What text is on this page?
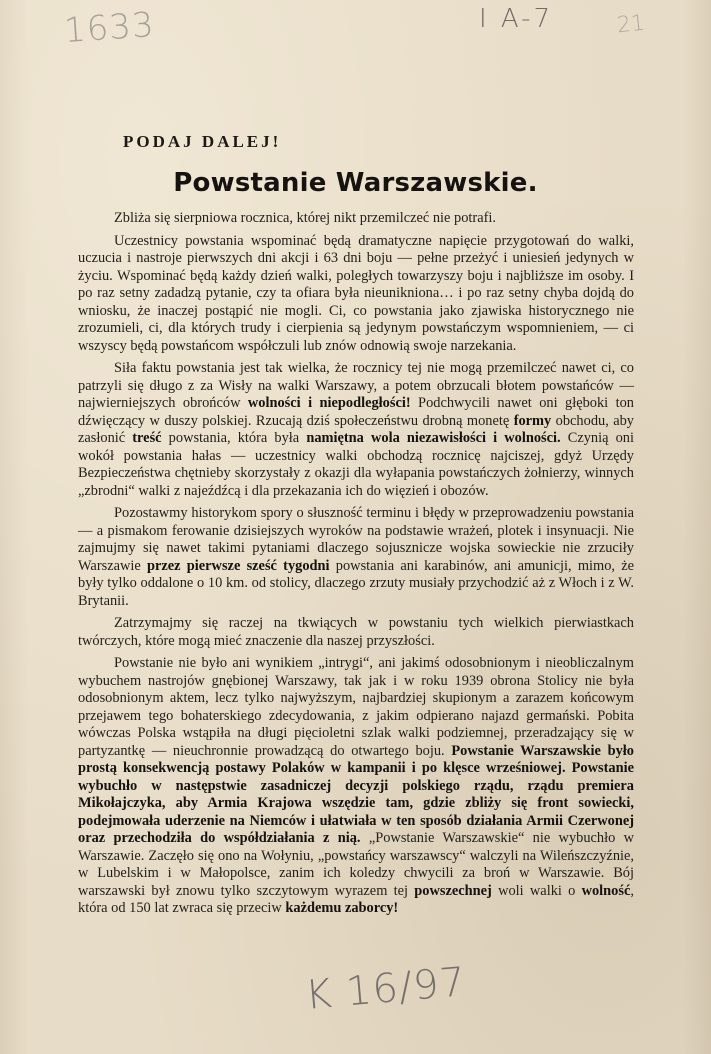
1633	I A-7	21
PODAJ DALEJ!
Powstanie Warszawskie.

Zbliża się sierpniowa rocznica, której nikt przemilczeć nie potrafi.

Uczestnicy powstania wspominać będą dramatyczne napięcie przygotowań do walki, uczucia i nastroje pierwszych dni akcji i 63 dni boju — pełne przeżyć i uniesień jedynych w życiu. Wspominać będą każdy dzień walki, poległych towarzyszy boju i najbliższe im osoby. I po raz setny zadadzą pytanie, czy ta ofiara była nieunikniona… i po raz setny chyba dojdą do wniosku, że inaczej postąpić nie mogli. Ci, co powstania jako zjawiska historycznego nie zrozumieli, ci, dla których trudy i cierpienia są jedynym powstańczym wspomnieniem, — ci wszyscy będą powstańcom współczuli lub znów odnowią swoje narzekania.

Siła faktu powstania jest tak wielka, że rocznicy tej nie mogą przemilczeć nawet ci, co patrzyli się długo z za Wisły na walki Warszawy, a potem obrzucali błotem powstańców — najwierniejszych obrońców wolności i niepodległości! Podchwycili nawet oni głęboki ton dźwięczący w duszy polskiej. Rzucają dziś społeczeństwu drobną monetę formy obchodu, aby zasłonić treść powstania, która była namiętna wola niezawisłości i wolności. Czynią oni wokół powstania hałas — uczestnicy walki obchodzą rocznicę najciszej, gdyż Urzędy Bezpieczeństwa chętnieby skorzystały z okazji dla wyłapania powstańczych żołnierzy, winnych „zbrodni“ walki z najeźdźcą i dla przekazania ich do więzień i obozów.

Pozostawmy historykom spory o słuszność terminu i błędy w przeprowadzeniu powstania — a pismakom ferowanie dzisiejszych wyroków na podstawie wrażeń, plotek i insynuacji. Nie zajmujmy się nawet takimi pytaniami dlaczego sojusznicze wojska sowieckie nie zrzuciły Warszawie przez pierwsze sześć tygodni powstania ani karabinów, ani amunicji, mimo, że były tylko oddalone o 10 km. od stolicy, dlaczego zrzuty musiały przychodzić aż z Włoch i z W. Brytanii.

Zatrzymajmy się raczej na tkwiących w powstaniu tych wielkich pierwiastkach twórczych, które mogą mieć znaczenie dla naszej przyszłości.

Powstanie nie było ani wynikiem „intrygi“, ani jakimś odosobnionym i nieobliczalnym wybuchem nastrojów gnębionej Warszawy, tak jak i w roku 1939 obrona Stolicy nie była odosobnionym aktem, lecz tylko najwyższym, najbardziej skupionym a zarazem końcowym przejawem tego bohaterskiego zdecydowania, z jakim odpierano najazd germański. Pobita wówczas Polska wstąpiła na długi pięcioletni szlak walki podziemnej, przeradzający się w partyzantkę — nieuchronnie prowadzącą do otwartego boju. Powstanie Warszawskie było prostą konsekwencją postawy Polaków w kampanii i po klęsce wrześniowej. Powstanie wybuchło w następstwie zasadniczej decyzji polskiego rządu, rządu premiera Mikołajczyka, aby Armia Krajowa wszędzie tam, gdzie zbliży się front sowiecki, podejmowała uderzenie na Niemców i ułatwiała w ten sposób działania Armii Czerwonej oraz przechodziła do współdziałania z nią. „Powstanie Warszawskie“ nie wybuchło w Warszawie. Zaczęło się ono na Wołyniu, „powstańcy warszawscy“ walczyli na Wileńszczyźnie, w Lubelskim i w Małopolsce, zanim ich koledzy chwycili za broń w Warszawie. Bój warszawski był znowu tylko szczytowym wyrazem tej powszechnej woli walki o wolność, która od 150 lat zwraca się przeciw każdemu zaborcy!

K 16/97
